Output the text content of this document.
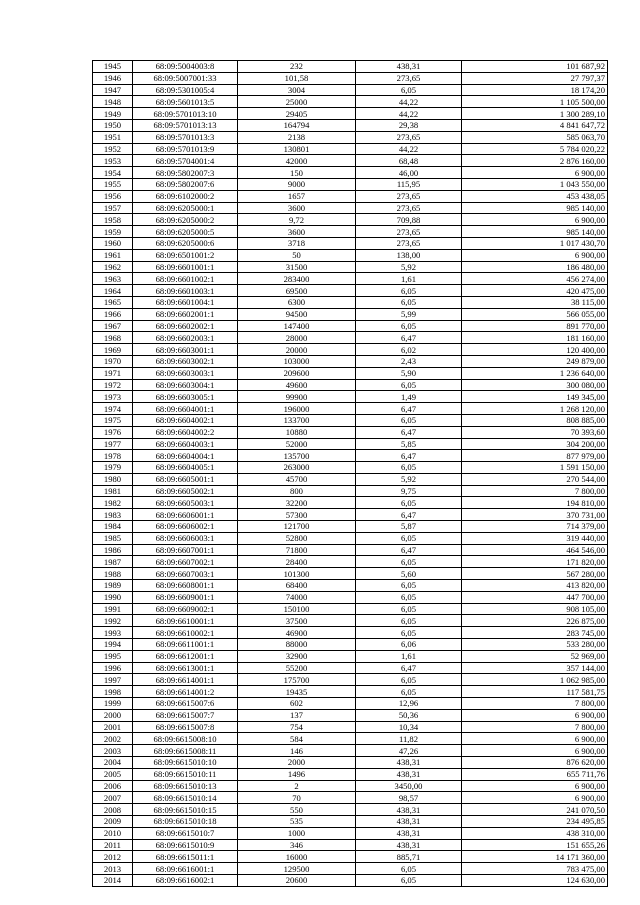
1945	68:09:5004003:8	232	438,31	101 687,92
1946	68:09:5007001:33	101,58	273,65	27 797,37
1947	68:09:5301005:4	3004	6,05	18 174,20
1948	68:09:5601013:5	25000	44,22	1 105 500,00
1949	68:09:5701013:10	29405	44,22	1 300 289,10
1950	68:09:5701013:13	164794	29,38	4 841 647,72
1951	68:09:5701013:3	2138	273,65	585 063,70
1952	68:09:5701013:9	130801	44,22	5 784 020,22
1953	68:09:5704001:4	42000	68,48	2 876 160,00
1954	68:09:5802007:3	150	46,00	6 900,00
1955	68:09:5802007:6	9000	115,95	1 043 550,00
1956	68:09:6102000:2	1657	273,65	453 438,05
1957	68:09:6205000:1	3600	273,65	985 140,00
1958	68:09:6205000:2	9,72	709,88	6 900,00
1959	68:09:6205000:5	3600	273,65	985 140,00
1960	68:09:6205000:6	3718	273,65	1 017 430,70
1961	68:09:6501001:2	50	138,00	6 900,00
1962	68:09:6601001:1	31500	5,92	186 480,00
1963	68:09:6601002:1	283400	1,61	456 274,00
1964	68:09:6601003:1	69500	6,05	420 475,00
1965	68:09:6601004:1	6300	6,05	38 115,00
1966	68:09:6602001:1	94500	5,99	566 055,00
1967	68:09:6602002:1	147400	6,05	891 770,00
1968	68:09:6602003:1	28000	6,47	181 160,00
1969	68:09:6603001:1	20000	6,02	120 400,00
1970	68:09:6603002:1	103000	2,43	249 879,00
1971	68:09:6603003:1	209600	5,90	1 236 640,00
1972	68:09:6603004:1	49600	6,05	300 080,00
1973	68:09:6603005:1	99900	1,49	149 345,00
1974	68:09:6604001:1	196000	6,47	1 268 120,00
1975	68:09:6604002:1	133700	6,05	808 885,00
1976	68:09:6604002:2	10880	6,47	70 393,60
1977	68:09:6604003:1	52000	5,85	304 200,00
1978	68:09:6604004:1	135700	6,47	877 979,00
1979	68:09:6604005:1	263000	6,05	1 591 150,00
1980	68:09:6605001:1	45700	5,92	270 544,00
1981	68:09:6605002:1	800	9,75	7 800,00
1982	68:09:6605003:1	32200	6,05	194 810,00
1983	68:09:6606001:1	57300	6,47	370 731,00
1984	68:09:6606002:1	121700	5,87	714 379,00
1985	68:09:6606003:1	52800	6,05	319 440,00
1986	68:09:6607001:1	71800	6,47	464 546,00
1987	68:09:6607002:1	28400	6,05	171 820,00
1988	68:09:6607003:1	101300	5,60	567 280,00
1989	68:09:6608001:1	68400	6,05	413 820,00
1990	68:09:6609001:1	74000	6,05	447 700,00
1991	68:09:6609002:1	150100	6,05	908 105,00
1992	68:09:6610001:1	37500	6,05	226 875,00
1993	68:09:6610002:1	46900	6,05	283 745,00
1994	68:09:6611001:1	88000	6,06	533 280,00
1995	68:09:6612001:1	32900	1,61	52 969,00
1996	68:09:6613001:1	55200	6,47	357 144,00
1997	68:09:6614001:1	175700	6,05	1 062 985,00
1998	68:09:6614001:2	19435	6,05	117 581,75
1999	68:09:6615007:6	602	12,96	7 800,00
2000	68:09:6615007:7	137	50,36	6 900,00
2001	68:09:6615007:8	754	10,34	7 800,00
2002	68:09:6615008:10	584	11,82	6 900,00
2003	68:09:6615008:11	146	47,26	6 900,00
2004	68:09:6615010:10	2000	438,31	876 620,00
2005	68:09:6615010:11	1496	438,31	655 711,76
2006	68:09:6615010:13	2	3450,00	6 900,00
2007	68:09:6615010:14	70	98,57	6 900,00
2008	68:09:6615010:15	550	438,31	241 070,50
2009	68:09:6615010:18	535	438,31	234 495,85
2010	68:09:6615010:7	1000	438,31	438 310,00
2011	68:09:6615010:9	346	438,31	151 655,26
2012	68:09:6615011:1	16000	885,71	14 171 360,00
2013	68:09:6616001:1	129500	6,05	783 475,00
2014	68:09:6616002:1	20600	6,05	124 630,00
